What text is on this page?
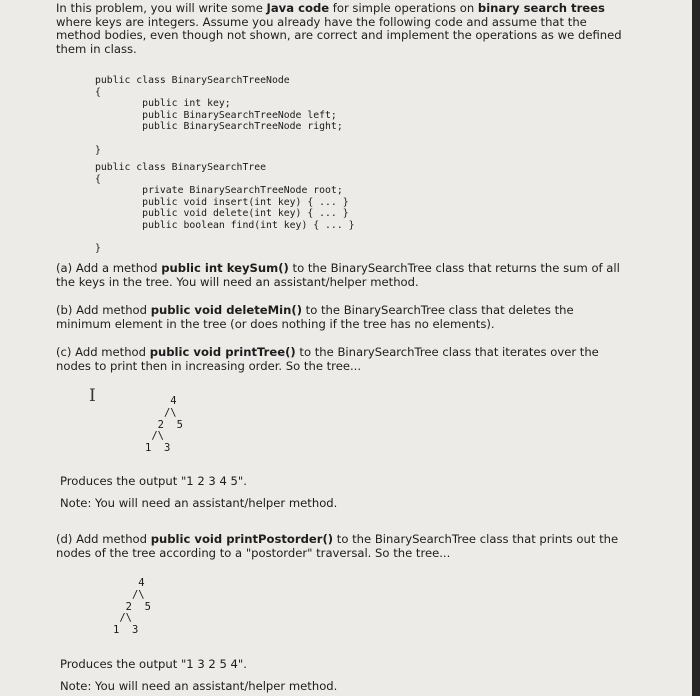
In this problem, you will write some Java code for simple operations on binary search trees where keys are integers. Assume you already have the following code and assume that the method bodies, even though not shown, are correct and implement the operations as we defined them in class.

public class BinarySearchTreeNode
{
public int key;
public BinarySearchTreeNode left;
public BinarySearchTreeNode right;

}
public class BinarySearchTree
{
private BinarySearchTreeNode root;
public void insert(int key) { ... }
public void delete(int key) { ... }
public boolean find(int key) { ... }

}

(a) Add a method public int keySum() to the BinarySearchTree class that returns the sum of all the keys in the tree. You will need an assistant/helper method.

(b) Add method public void deleteMin() to the BinarySearchTree class that deletes the minimum element in the tree (or does nothing if the tree has no elements).

(c) Add method public void printTree() to the BinarySearchTree class that iterates over the nodes to print then in increasing order. So the tree...

I	4
/\
2  5
/\
1  3

Produces the output "1 2 3 4 5".

Note: You will need an assistant/helper method.

(d) Add method public void printPostorder() to the BinarySearchTree class that prints out the nodes of the tree according to a "postorder" traversal. So the tree...

4
/\
2  5
/\
1  3

Produces the output "1 3 2 5 4".

Note: You will need an assistant/helper method.
